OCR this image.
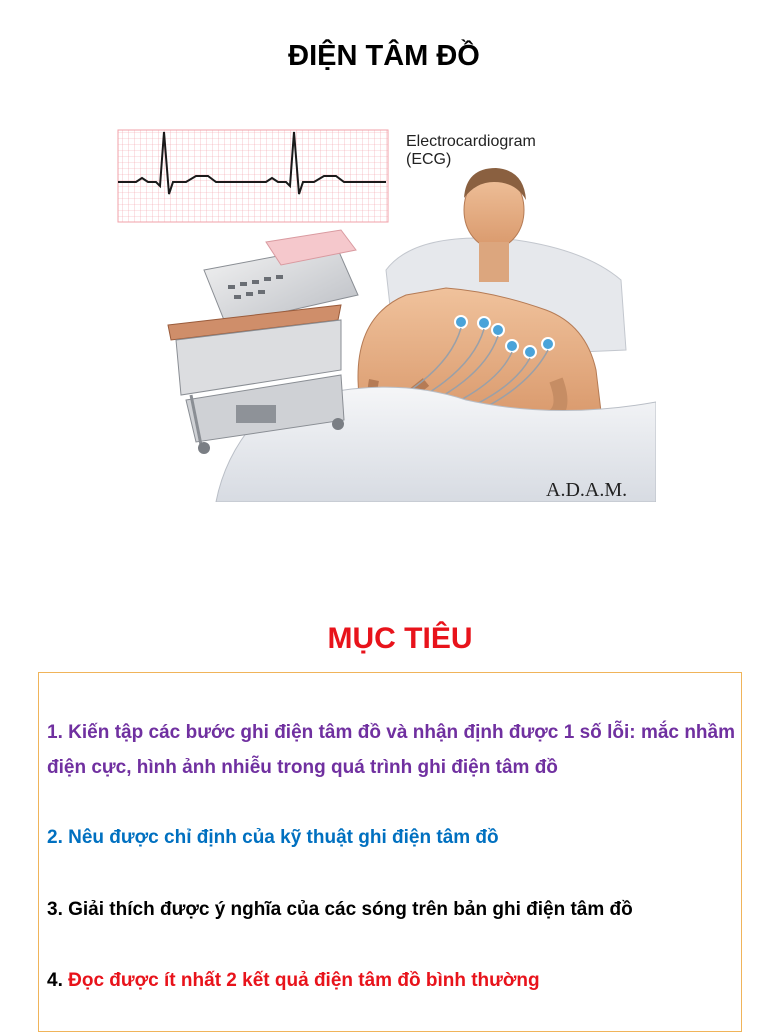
ĐIỆN TÂM ĐỒ
Electrocardiogram
(ECG)
A.D.A.M.
MỤC TIÊU
1. Kiến tập các bước ghi điện tâm đồ và nhận định được 1 số lỗi: mắc nhầm điện cực, hình ảnh nhiễu trong quá trình ghi điện tâm đồ
2. Nêu được chỉ định của kỹ thuật ghi điện tâm đồ
3. Giải thích được ý nghĩa của các sóng trên bản ghi điện tâm đồ
4. Đọc được ít nhất 2 kết quả điện tâm đồ bình thường
